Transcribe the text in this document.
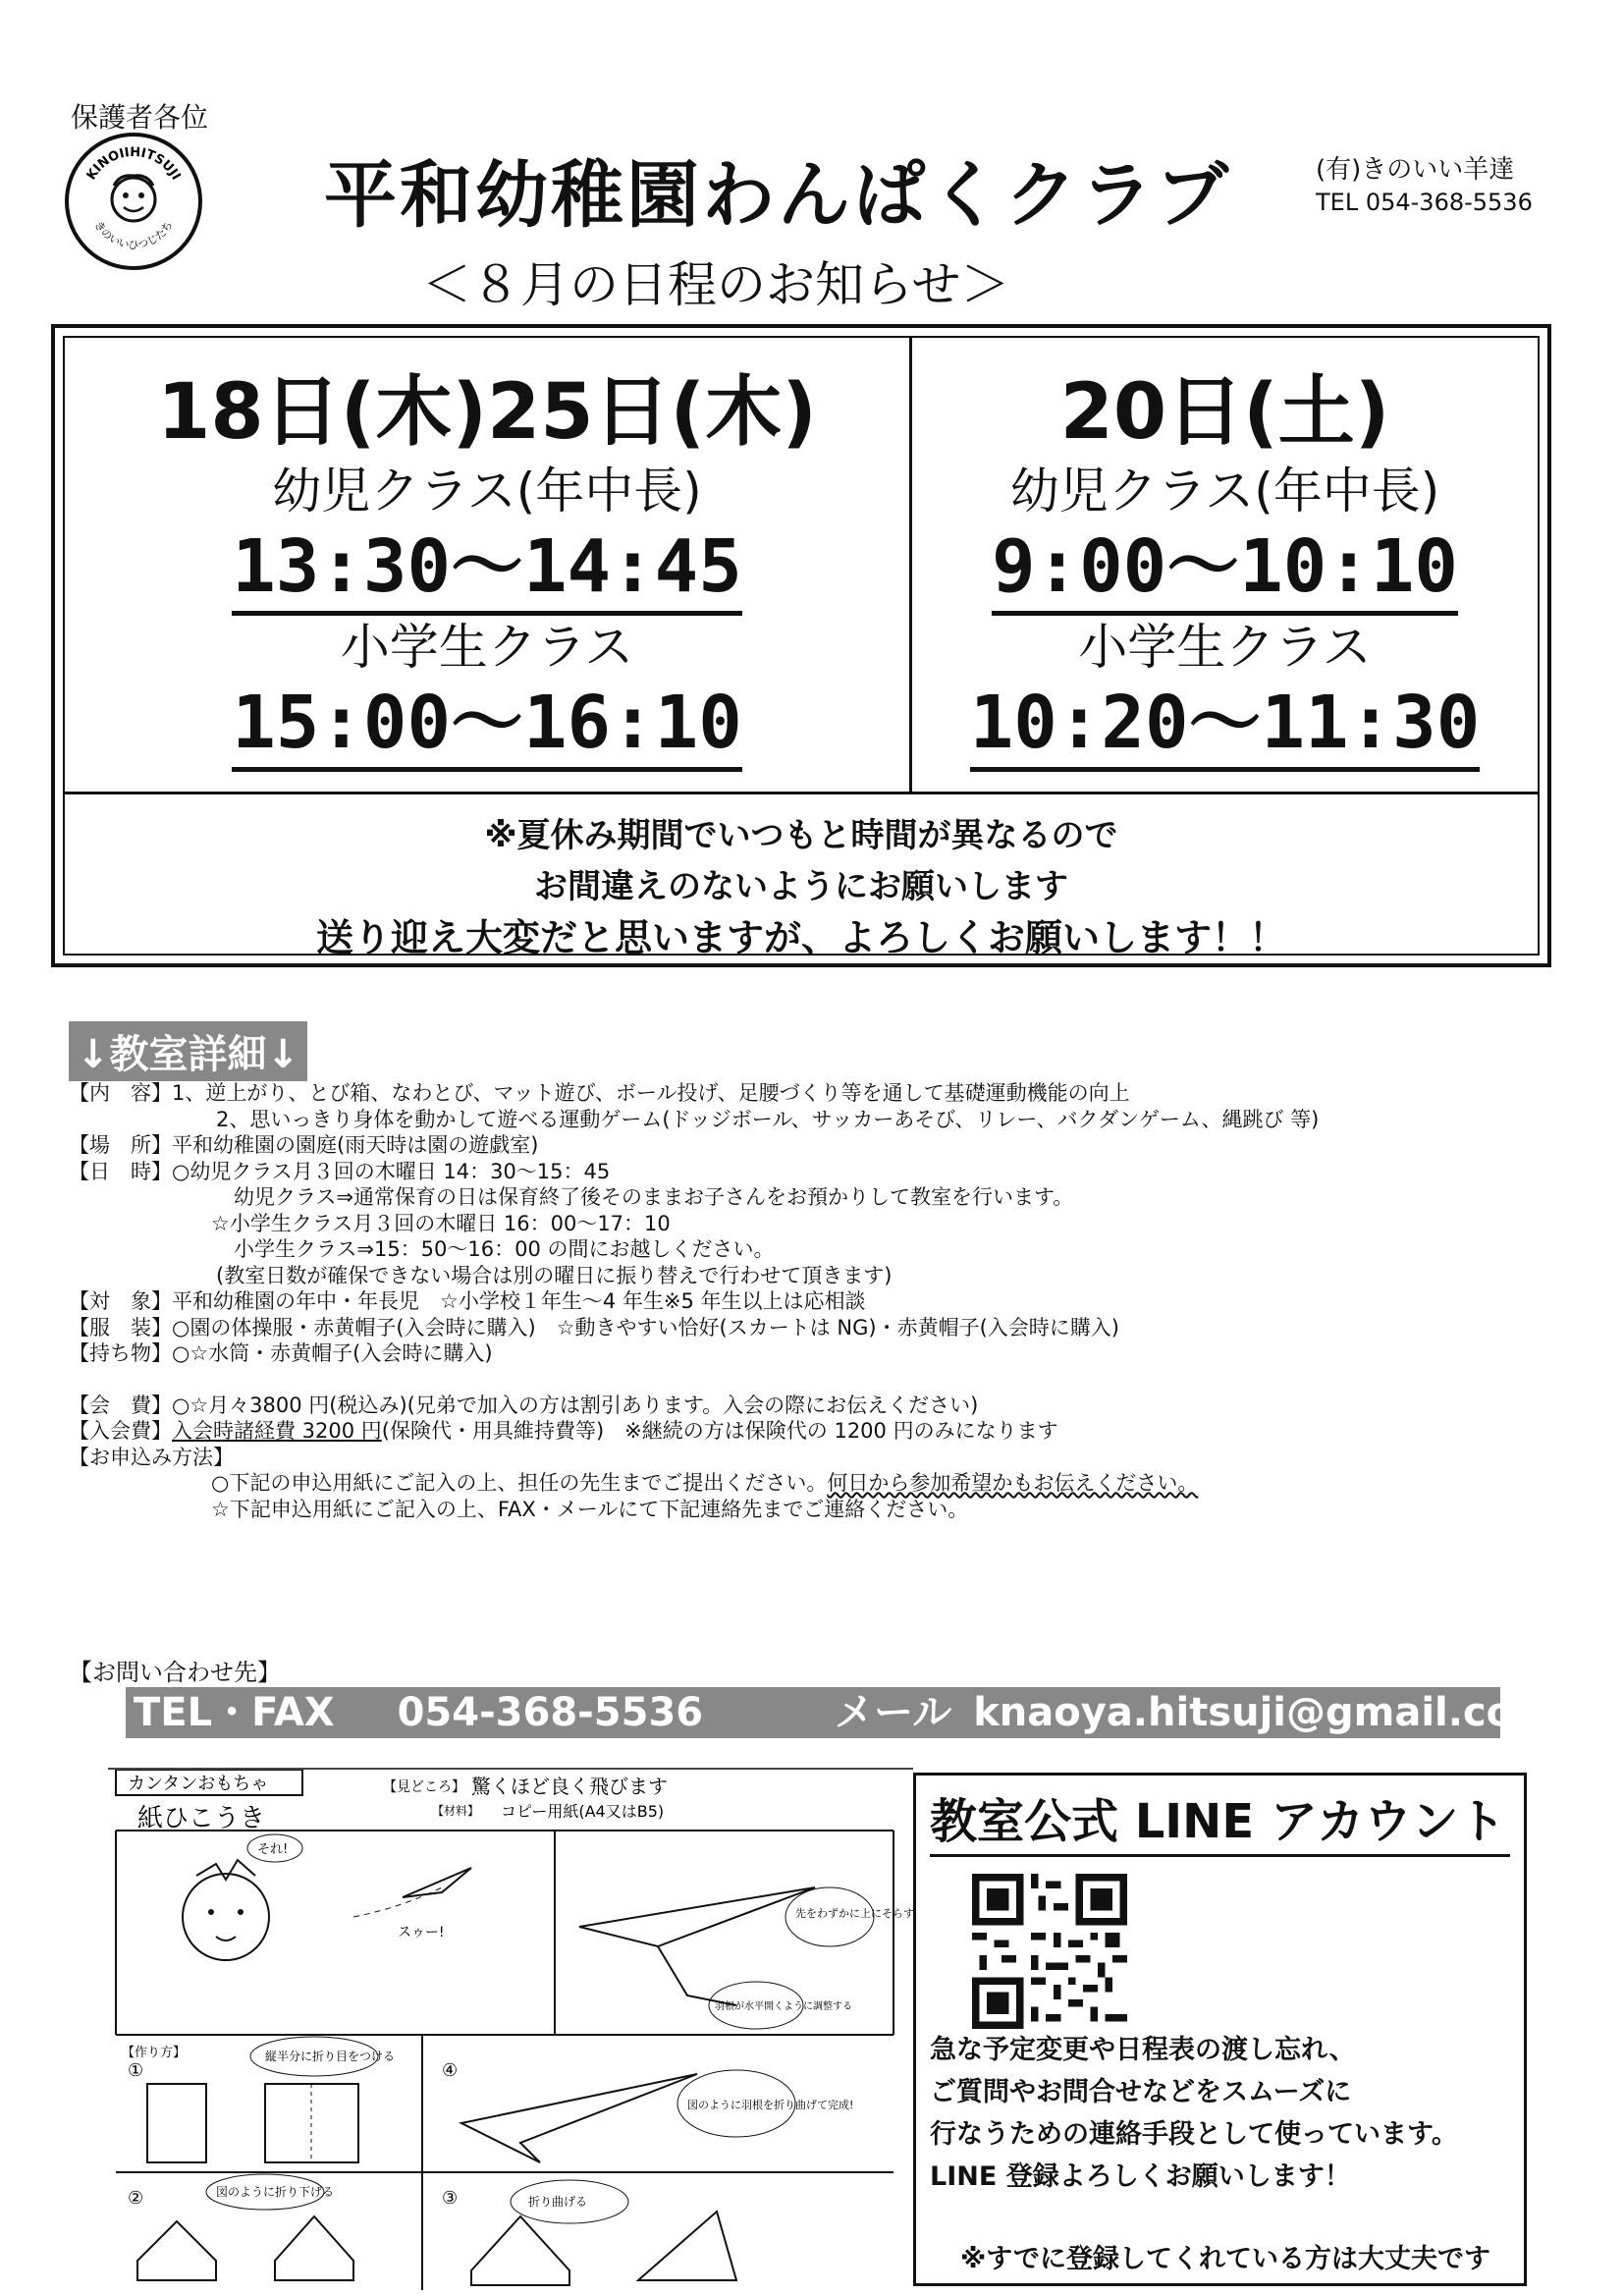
保護者各位
KINOIIHITSUJI
きのいいひつじたち 平和幼稚園わんぱくクラブ	(有)きのいい羊達
TEL 054-368-5536
＜８月の日程のお知らせ＞
18日(木)25日(木)
幼児クラス(年中長)
13:30～14:45
小学生クラス
15:00～16:10
20日(土)
幼児クラス(年中長)
9:00～10:10
小学生クラス
10:20～11:30
※夏休み期間でいつもと時間が異なるので
お間違えのないようにお願いします
送り迎え大変だと思いますが、よろしくお願いします！！
↓教室詳細↓
【内　容】1、逆上がり、とび箱、なわとび、マット遊び、ボール投げ、足腰づくり等を通して基礎運動機能の向上
2、思いっきり身体を動かして遊べる運動ゲーム(ドッジボール、サッカーあそび、リレー、バクダンゲーム、縄跳び 等)
【場　所】平和幼稚園の園庭(雨天時は園の遊戯室)
【日　時】○幼児クラス月３回の木曜日 14：30～15：45
幼児クラス⇒通常保育の日は保育終了後そのままお子さんをお預かりして教室を行います。
☆小学生クラス月３回の木曜日 16：00～17：10
小学生クラス⇒15：50～16：00 の間にお越しください。
(教室日数が確保できない場合は別の曜日に振り替えで行わせて頂きます)
【対　象】平和幼稚園の年中・年長児　☆小学校１年生～4 年生※5 年生以上は応相談
【服　装】○園の体操服・赤黄帽子(入会時に購入)　☆動きやすい恰好(スカートは NG)・赤黄帽子(入会時に購入)
【持ち物】○☆水筒・赤黄帽子(入会時に購入)
【会　費】○☆月々3800 円(税込み)(兄弟で加入の方は割引あります。入会の際にお伝えください)
【入会費】入会時諸経費 3200 円(保険代・用具維持費等)　※継続の方は保険代の 1200 円のみになります
【お申込み方法】
○下記の申込用紙にご記入の上、担任の先生までご提出ください。何日から参加希望かもお伝えください。
☆下記申込用紙にご記入の上、FAX・メールにて下記連絡先までご連絡ください。
【お問い合わせ先】
TEL・FAX 054-368-5536	メール knaoya.hitsuji@gmail.com
カンタンおもちゃ
紙ひこうき
【見どころ】 驚くほど良く飛びます
【材料】 コピー用紙(A4又はB5)
それ!
スゥー!
先をわずかに上にそらす
羽根が水平開くように調整する
【作り方】
①
縦半分に折り目をつける
④
図のように羽根を折り曲げて完成!
②	図のように折り下げる	③	折り曲げる
教室公式 LINE アカウント
急な予定変更や日程表の渡し忘れ、
ご質問やお問合せなどをスムーズに
行なうための連絡手段として使っています。
LINE 登録よろしくお願いします！
※すでに登録してくれている方は大丈夫です
